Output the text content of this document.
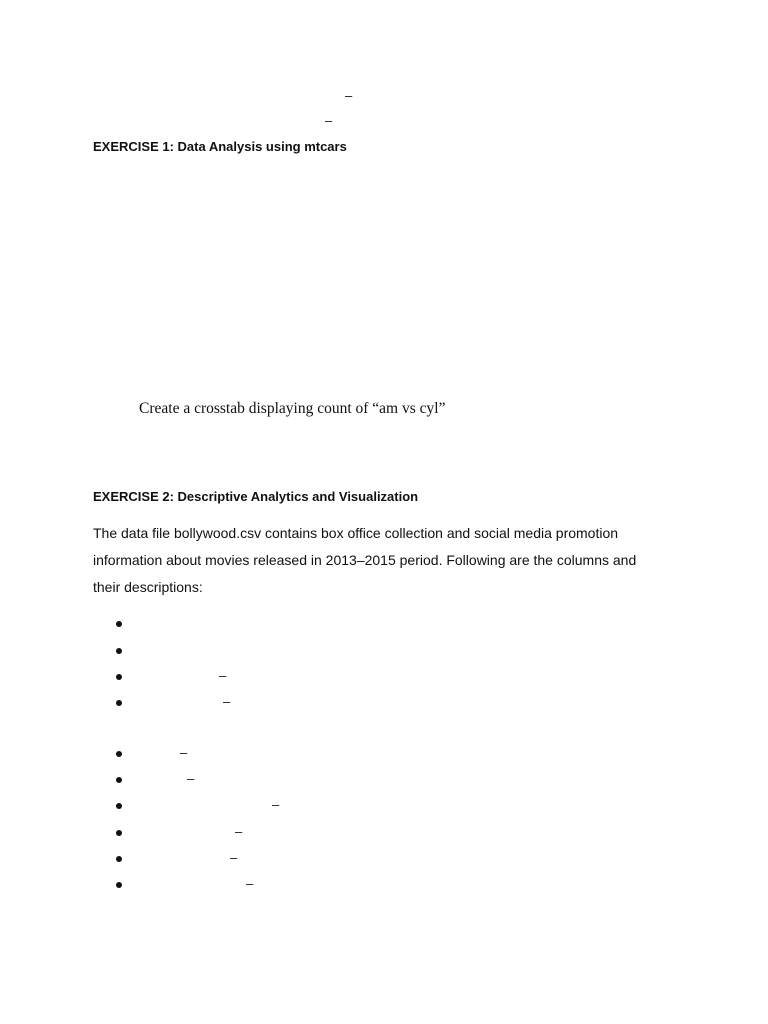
–
–
EXERCISE 1: Data Analysis using mtcars
Create a crosstab displaying count of “am vs cyl”
EXERCISE 2: Descriptive Analytics and Visualization
The data file bollywood.csv contains box office collection and social media promotion
information about movies released in 2013–2015 period. Following are the columns and
their descriptions:
–
–
–
–
–
–
–
–
